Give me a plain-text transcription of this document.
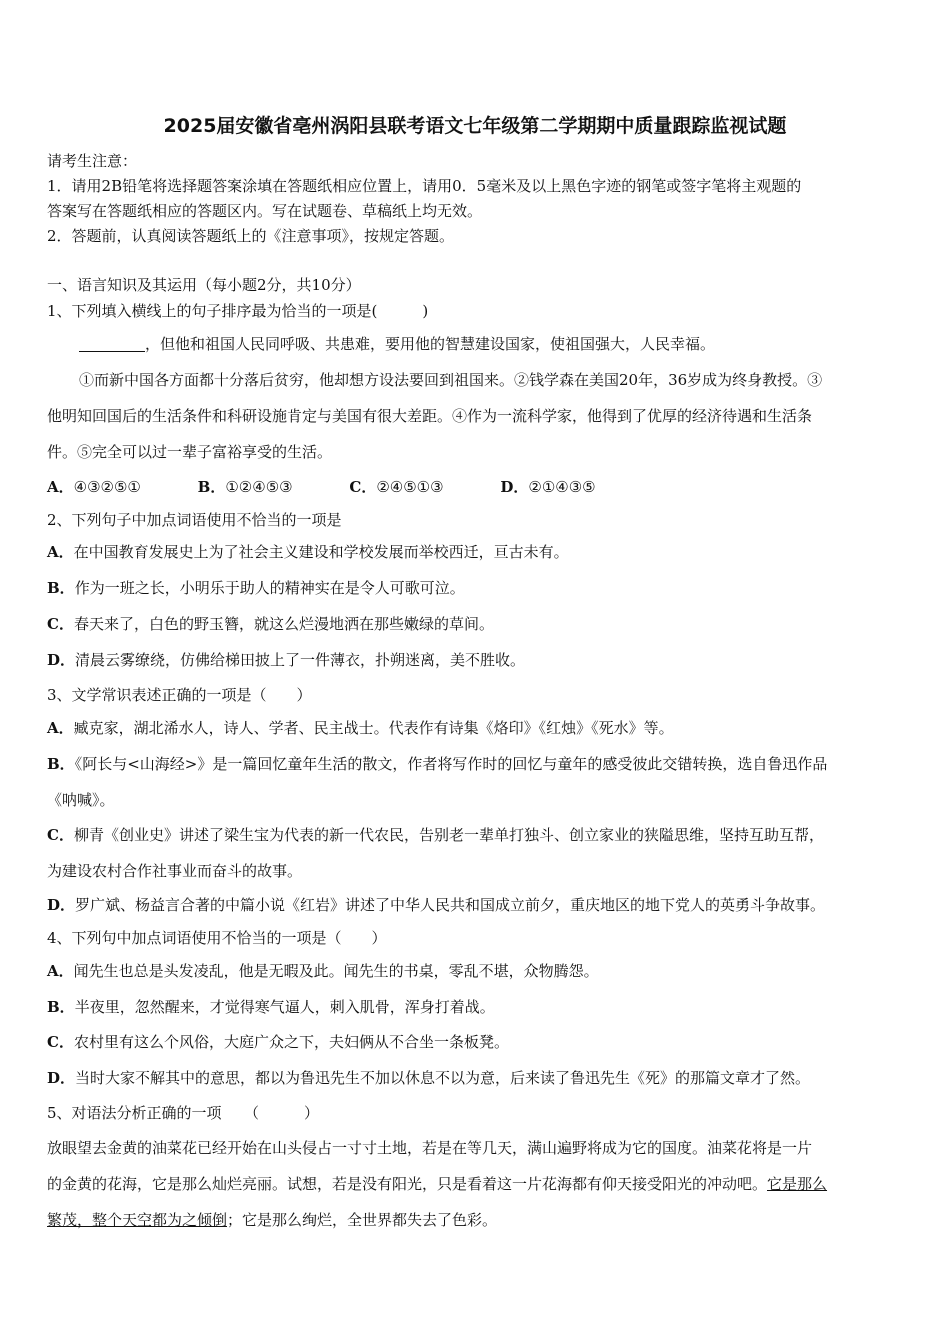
2025届安徽省亳州涡阳县联考语文七年级第二学期期中质量跟踪监视试题
请考生注意：
1．请用2B铅笔将选择题答案涂填在答题纸相应位置上，请用0．5毫米及以上黑色字迹的钢笔或签字笔将主观题的
答案写在答题纸相应的答题区内。写在试题卷、草稿纸上均无效。
2．答题前，认真阅读答题纸上的《注意事项》，按规定答题。
一、语言知识及其运用（每小题2分，共10分）
1、下列填入横线上的句子排序最为恰当的一项是(　　　)
，但他和祖国人民同呼吸、共患难，要用他的智慧建设国家，使祖国强大，人民幸福。
①而新中国各方面都十分落后贫穷，他却想方设法要回到祖国来。②钱学森在美国20年，36岁成为终身教授。③
他明知回国后的生活条件和科研设施肯定与美国有很大差距。④作为一流科学家，他得到了优厚的经济待遇和生活条
件。⑤完全可以过一辈子富裕享受的生活。
A．④③②⑤①	B．①②④⑤③	C．②④⑤①③	D．②①④③⑤
2、下列句子中加点词语使用不恰当的一项是
A．在中国教育发展史上为了社会主义建设和学校发展而举校西迁，亘古未有。
B．作为一班之长，小明乐于助人的精神实在是令人可歌可泣。
C．春天来了，白色的野玉簪，就这么烂漫地洒在那些嫩绿的草间。
D．清晨云雾缭绕，仿佛给梯田披上了一件薄衣，扑朔迷离，美不胜收。
3、文学常识表述正确的一项是（　　）
A．臧克家，湖北浠水人，诗人、学者、民主战士。代表作有诗集《烙印》《红烛》《死水》等。
B．《阿长与<山海经>》是一篇回忆童年生活的散文，作者将写作时的回忆与童年的感受彼此交错转换，选自鲁迅作品
《呐喊》。
C．柳青《创业史》讲述了梁生宝为代表的新一代农民，告别老一辈单打独斗、创立家业的狭隘思维，坚持互助互帮，
为建设农村合作社事业而奋斗的故事。
D．罗广斌、杨益言合著的中篇小说《红岩》讲述了中华人民共和国成立前夕，重庆地区的地下党人的英勇斗争故事。
4、下列句中加点词语使用不恰当的一项是（　　）
A．闻先生也总是头发凌乱，他是无暇及此。闻先生的书桌，零乱不堪，众物腾怨。
B．半夜里，忽然醒来，才觉得寒气逼人，刺入肌骨，浑身打着战。
C．农村里有这么个风俗，大庭广众之下，夫妇俩从不合坐一条板凳。
D．当时大家不解其中的意思，都以为鲁迅先生不加以休息不以为意，后来读了鲁迅先生《死》的那篇文章才了然。
5、对语法分析正确的一项　　（　　　）
放眼望去金黄的油菜花已经开始在山头侵占一寸寸土地，若是在等几天，满山遍野将成为它的国度。油菜花将是一片
的金黄的花海，它是那么灿烂亮丽。试想，若是没有阳光，只是看着这一片花海都有仰天接受阳光的冲动吧。它是那么
繁茂，整个天空都为之倾倒；它是那么绚烂，全世界都失去了色彩。
